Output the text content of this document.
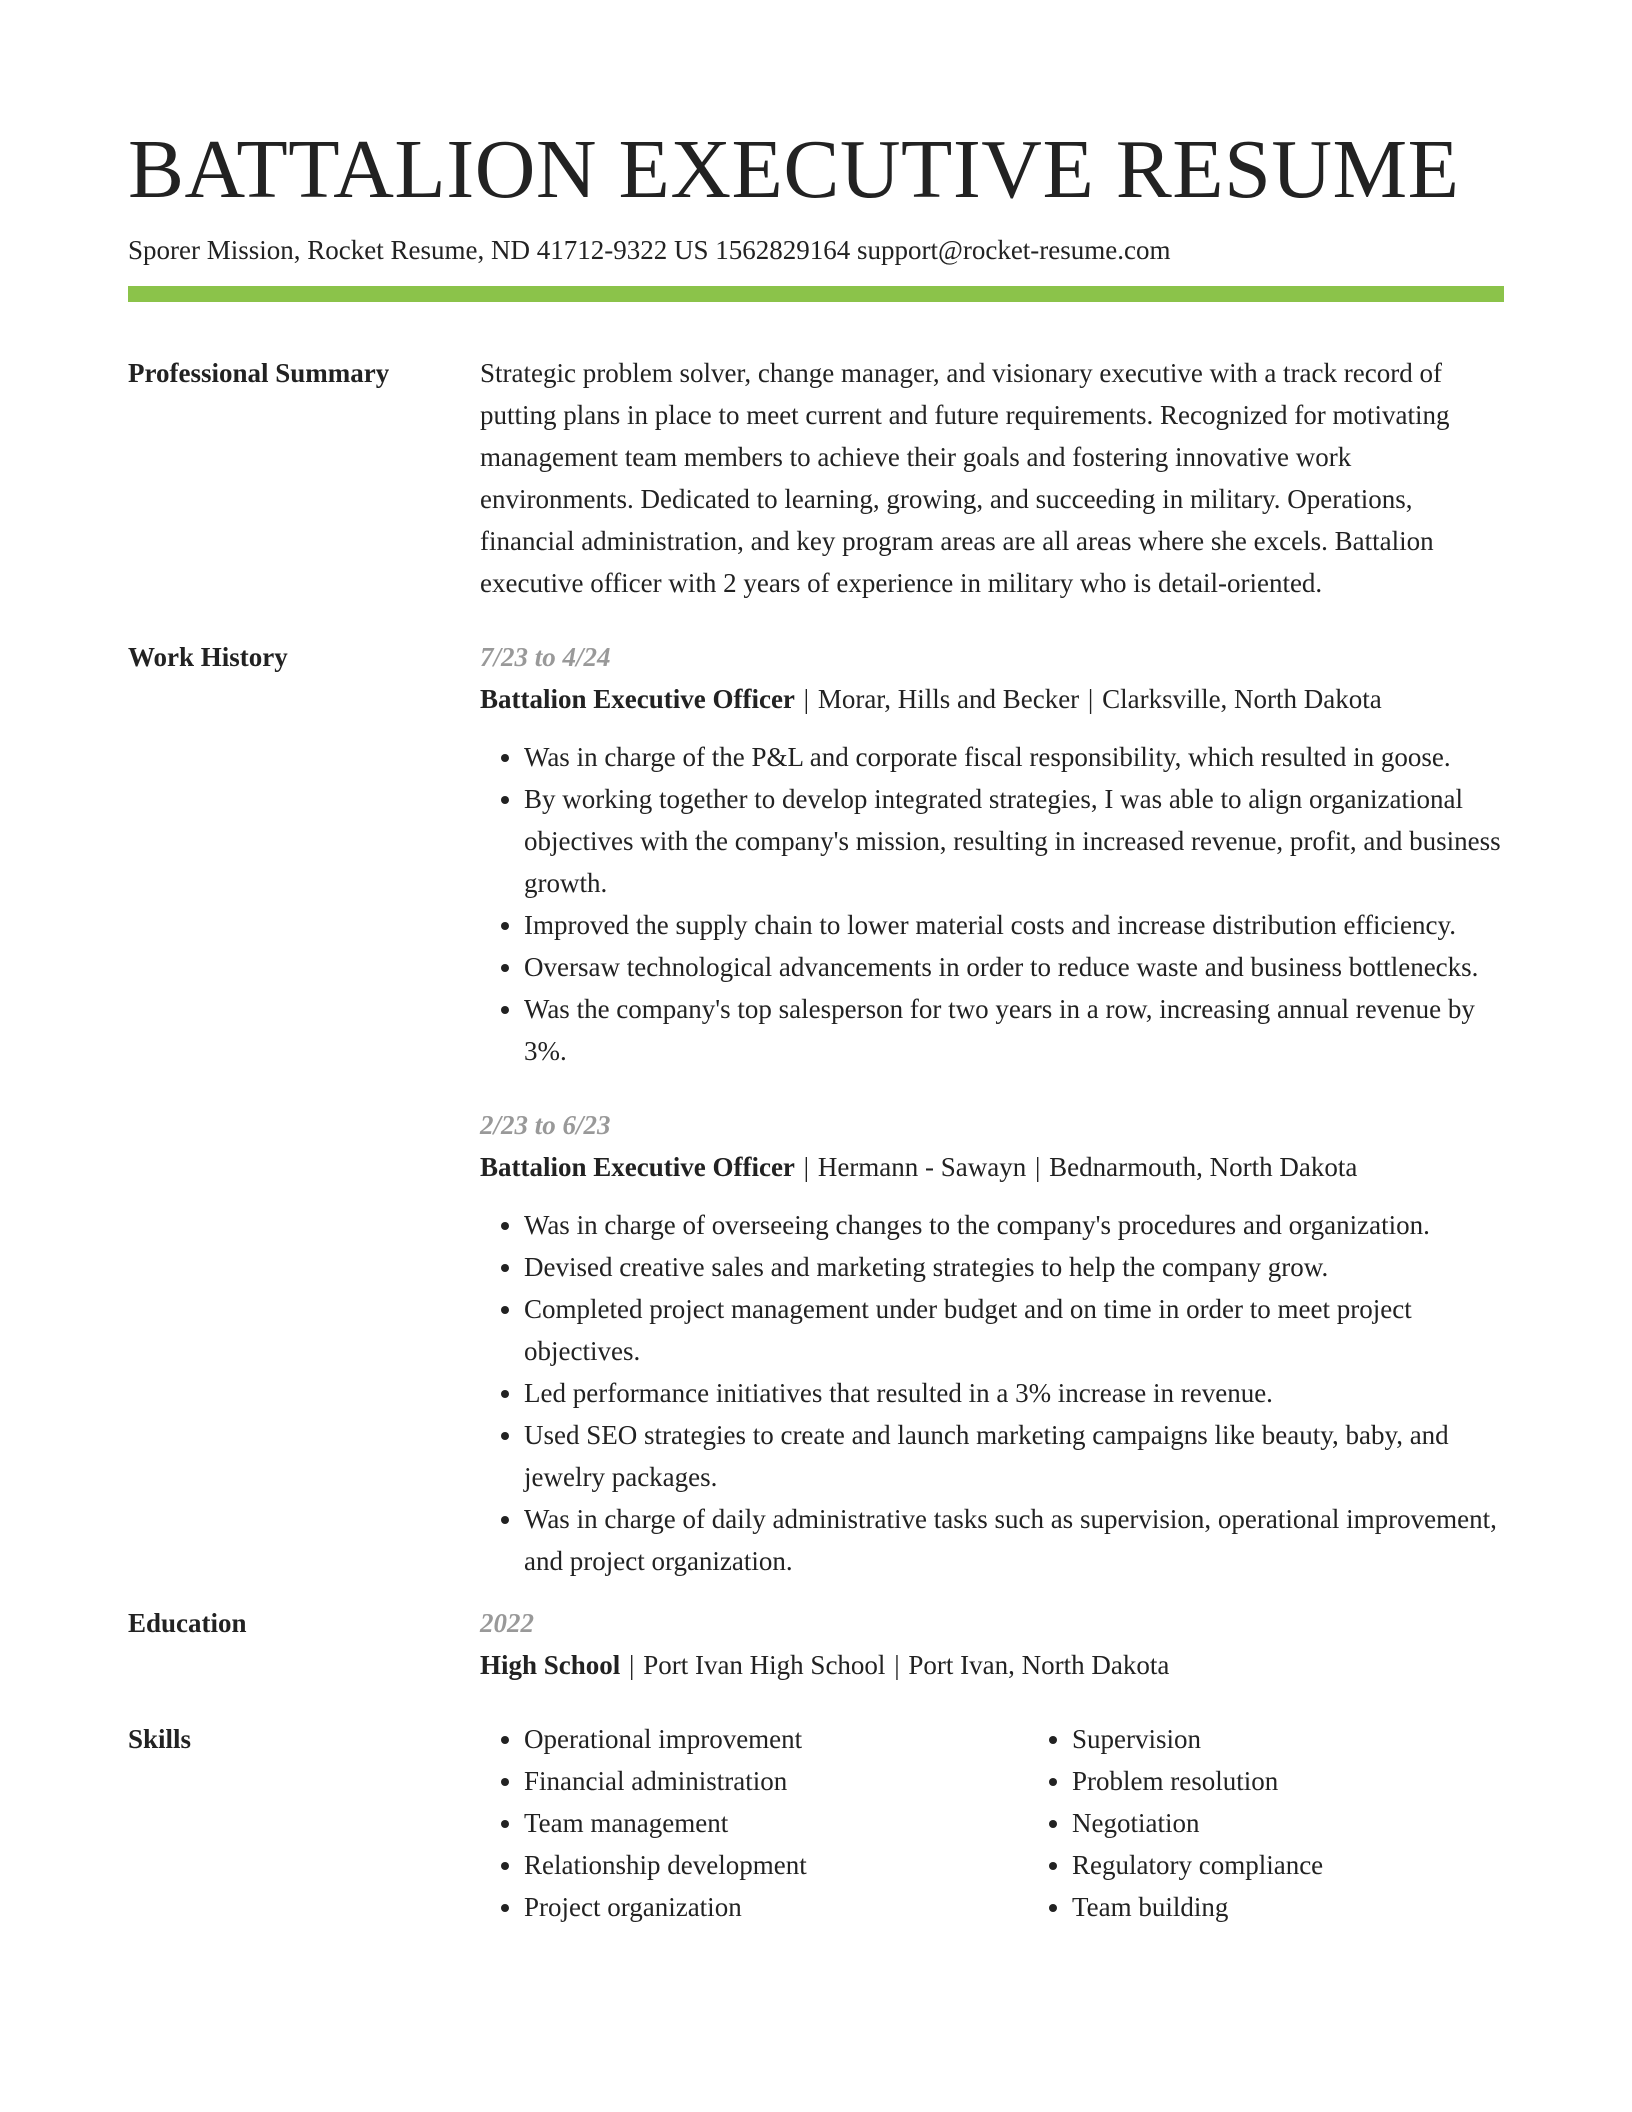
BATTALION EXECUTIVE RESUME
Sporer Mission, Rocket Resume, ND 41712-9322 US 1562829164 support@rocket-resume.com
Professional Summary	Strategic problem solver, change manager, and visionary executive with a track record of putting plans in place to meet current and future requirements. Recognized for motivating management team members to achieve their goals and fostering innovative work environments. Dedicated to learning, growing, and succeeding in military. Operations, financial administration, and key program areas are all areas where she excels. Battalion executive officer with 2 years of experience in military who is detail-oriented.

Work History	7/23 to 4/24
Battalion Executive Officer | Morar, Hills and Becker | Clarksville, North Dakota
• Was in charge of the P&L and corporate fiscal responsibility, which resulted in goose.
• By working together to develop integrated strategies, I was able to align organizational objectives with the company's mission, resulting in increased revenue, profit, and business growth.
• Improved the supply chain to lower material costs and increase distribution efficiency.
• Oversaw technological advancements in order to reduce waste and business bottlenecks.
• Was the company's top salesperson for two years in a row, increasing annual revenue by 3%.
2/23 to 6/23
Battalion Executive Officer | Hermann - Sawayn | Bednarmouth, North Dakota
• Was in charge of overseeing changes to the company's procedures and organization.
• Devised creative sales and marketing strategies to help the company grow.
• Completed project management under budget and on time in order to meet project objectives.
• Led performance initiatives that resulted in a 3% increase in revenue.
• Used SEO strategies to create and launch marketing campaigns like beauty, baby, and jewelry packages.
• Was in charge of daily administrative tasks such as supervision, operational improvement, and project organization.
Education	2022
High School | Port Ivan High School | Port Ivan, North Dakota
Skills
•	Operational improvement
• Financial administration
• Team management
• Relationship development
• Project organization
• Supervision
• Problem resolution
• Negotiation
• Regulatory compliance
• Team building
